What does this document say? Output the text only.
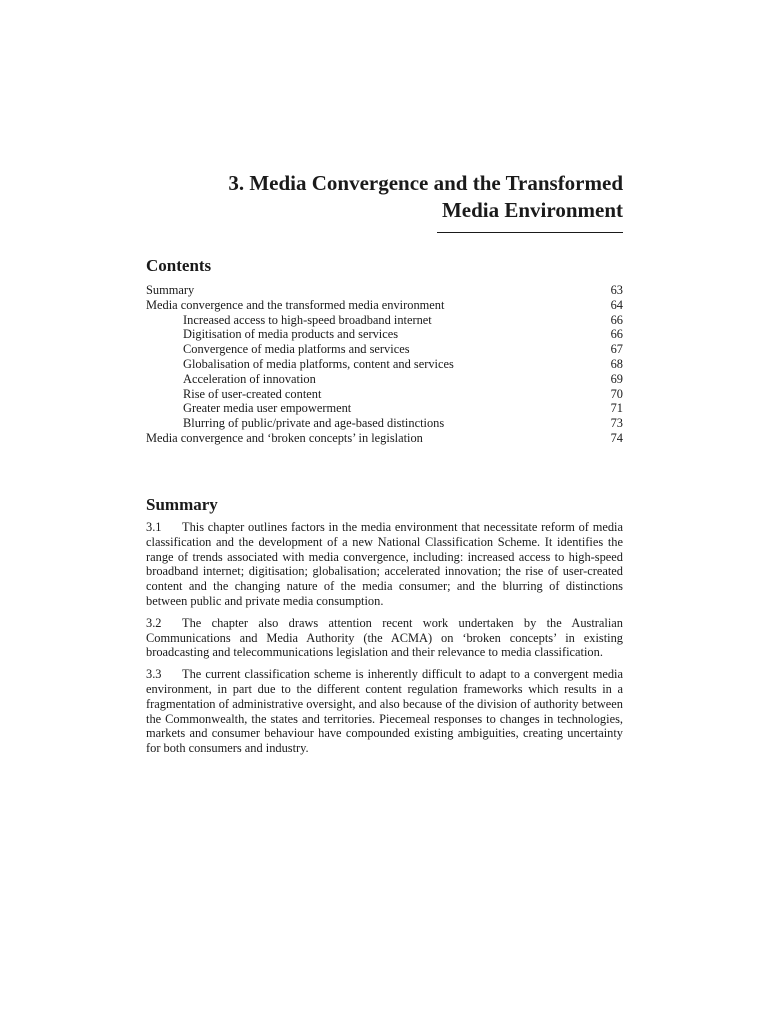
3. Media Convergence and the Transformed
Media Environment
Contents
Summary	63
Media convergence and the transformed media environment	64
Increased access to high-speed broadband internet	66
Digitisation of media products and services	66
Convergence of media platforms and services	67
Globalisation of media platforms, content and services	68
Acceleration of innovation	69
Rise of user-created content	70
Greater media user empowerment	71
Blurring of public/private and age-based distinctions	73
Media convergence and ‘broken concepts’ in legislation	74
Summary

3.1 This chapter outlines factors in the media environment that necessitate reform of media classification and the development of a new National Classification Scheme. It identifies the range of trends associated with media convergence, including: increased access to high-speed broadband internet; digitisation; globalisation; accelerated innovation; the rise of user-created content and the changing nature of the media consumer; and the blurring of distinctions between public and private media consumption.

3.2 The chapter also draws attention recent work undertaken by the Australian Communications and Media Authority (the ACMA) on ‘broken concepts’ in existing broadcasting and telecommunications legislation and their relevance to media classification.

3.3 The current classification scheme is inherently difficult to adapt to a convergent media environment, in part due to the different content regulation frameworks which results in a fragmentation of administrative oversight, and also because of the division of authority between the Commonwealth, the states and territories. Piecemeal responses to changes in technologies, markets and consumer behaviour have compounded existing ambiguities, creating uncertainty for both consumers and industry.
